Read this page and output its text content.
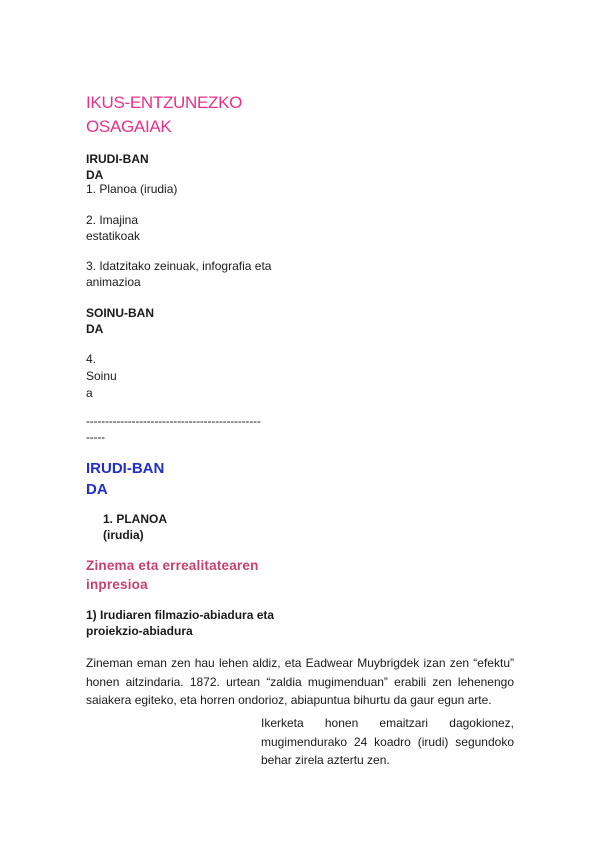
IKUS-ENTZUNEZKO
OSAGAIAK
IRUDI-BAN
DA
1. Planoa (irudia)
2. Imajina
estatikoak
3. Idatzitako zeinuak, infografia eta
animazioa
SOINU-BAN
DA
4.
Soinu
a
----------------------------------------------
-----
IRUDI-BAN
DA
1. PLANOA
(irudia)
Zinema eta errealitatearen
inpresioa
1) Irudiaren filmazio-abiadura eta
proiekzio-abiadura
Zineman eman zen hau lehen aldiz, eta Eadwear Muybrigdek izan zen “efektu” honen aitzindaria. 1872. urtean “zaldia mugimenduan” erabili zen lehenengo saiakera egiteko, eta horren ondorioz, abiapuntua bihurtu da gaur egun arte.
Ikerketa honen emaitzari dagokionez, mugimendurako 24 koadro (irudi) segundoko behar zirela aztertu zen.
